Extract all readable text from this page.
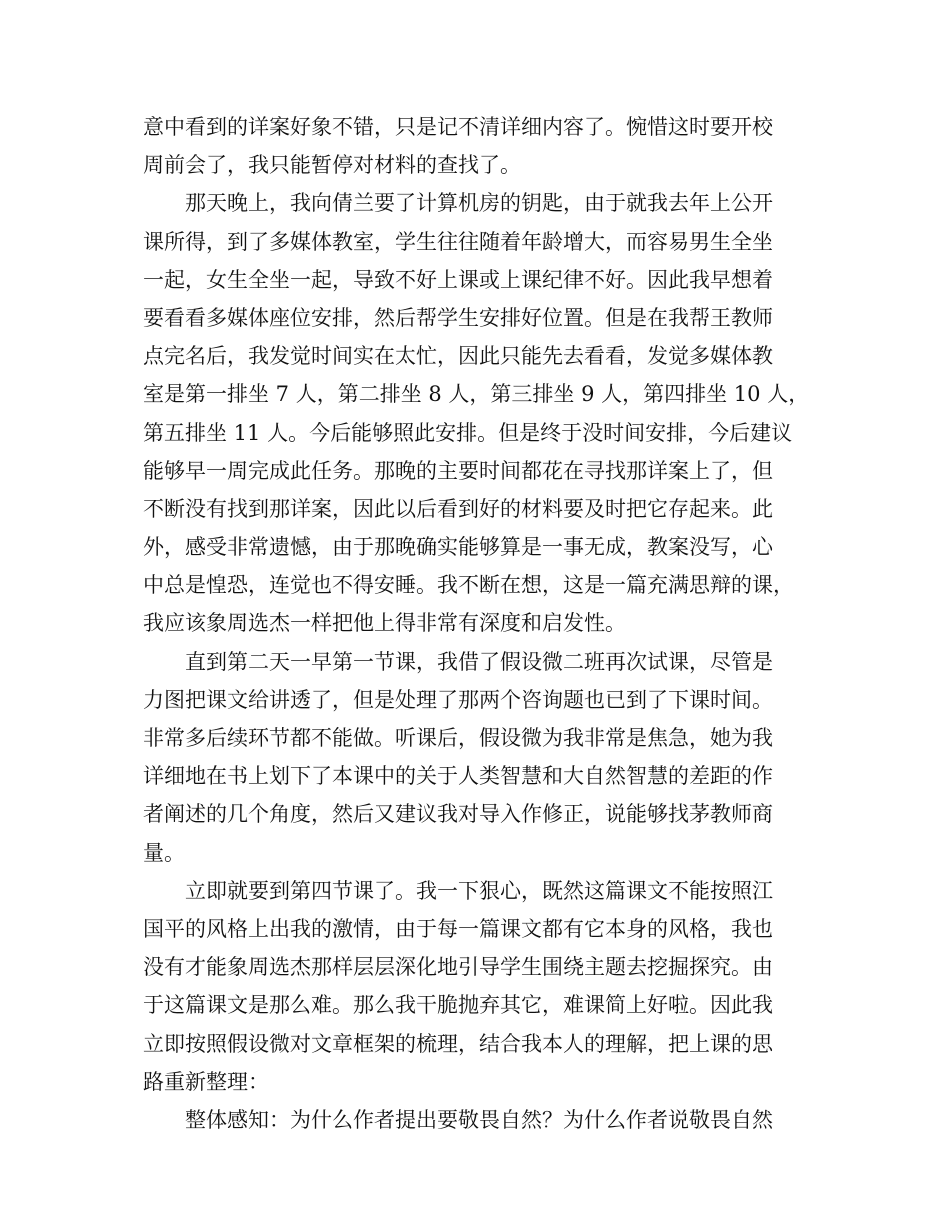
意中看到的详案好象不错，只是记不清详细内容了。惋惜这时要开校
周前会了，我只能暂停对材料的查找了。
那天晚上，我向倩兰要了计算机房的钥匙，由于就我去年上公开
课所得，到了多媒体教室，学生往往随着年龄增大，而容易男生全坐
一起，女生全坐一起，导致不好上课或上课纪律不好。因此我早想着
要看看多媒体座位安排，然后帮学生安排好位置。但是在我帮王教师
点完名后，我发觉时间实在太忙，因此只能先去看看，发觉多媒体教
室是第一排坐 7 人，第二排坐 8 人，第三排坐 9 人，第四排坐 10 人，
第五排坐 11 人。今后能够照此安排。但是终于没时间安排，今后建议
能够早一周完成此任务。那晚的主要时间都花在寻找那详案上了，但
不断没有找到那详案，因此以后看到好的材料要及时把它存起来。此
外，感受非常遗憾，由于那晚确实能够算是一事无成，教案没写，心
中总是惶恐，连觉也不得安睡。我不断在想，这是一篇充满思辩的课，
我应该象周选杰一样把他上得非常有深度和启发性。
直到第二天一早第一节课，我借了假设微二班再次试课，尽管是
力图把课文给讲透了，但是处理了那两个咨询题也已到了下课时间。
非常多后续环节都不能做。听课后，假设微为我非常是焦急，她为我
详细地在书上划下了本课中的关于人类智慧和大自然智慧的差距的作
者阐述的几个角度，然后又建议我对导入作修正，说能够找茅教师商
量。
立即就要到第四节课了。我一下狠心，既然这篇课文不能按照江
国平的风格上出我的激情，由于每一篇课文都有它本身的风格，我也
没有才能象周选杰那样层层深化地引导学生围绕主题去挖掘探究。由
于这篇课文是那么难。那么我干脆抛弃其它，难课简上好啦。因此我
立即按照假设微对文章框架的梳理，结合我本人的理解，把上课的思
路重新整理：
整体感知：为什么作者提出要敬畏自然？为什么作者说敬畏自然
